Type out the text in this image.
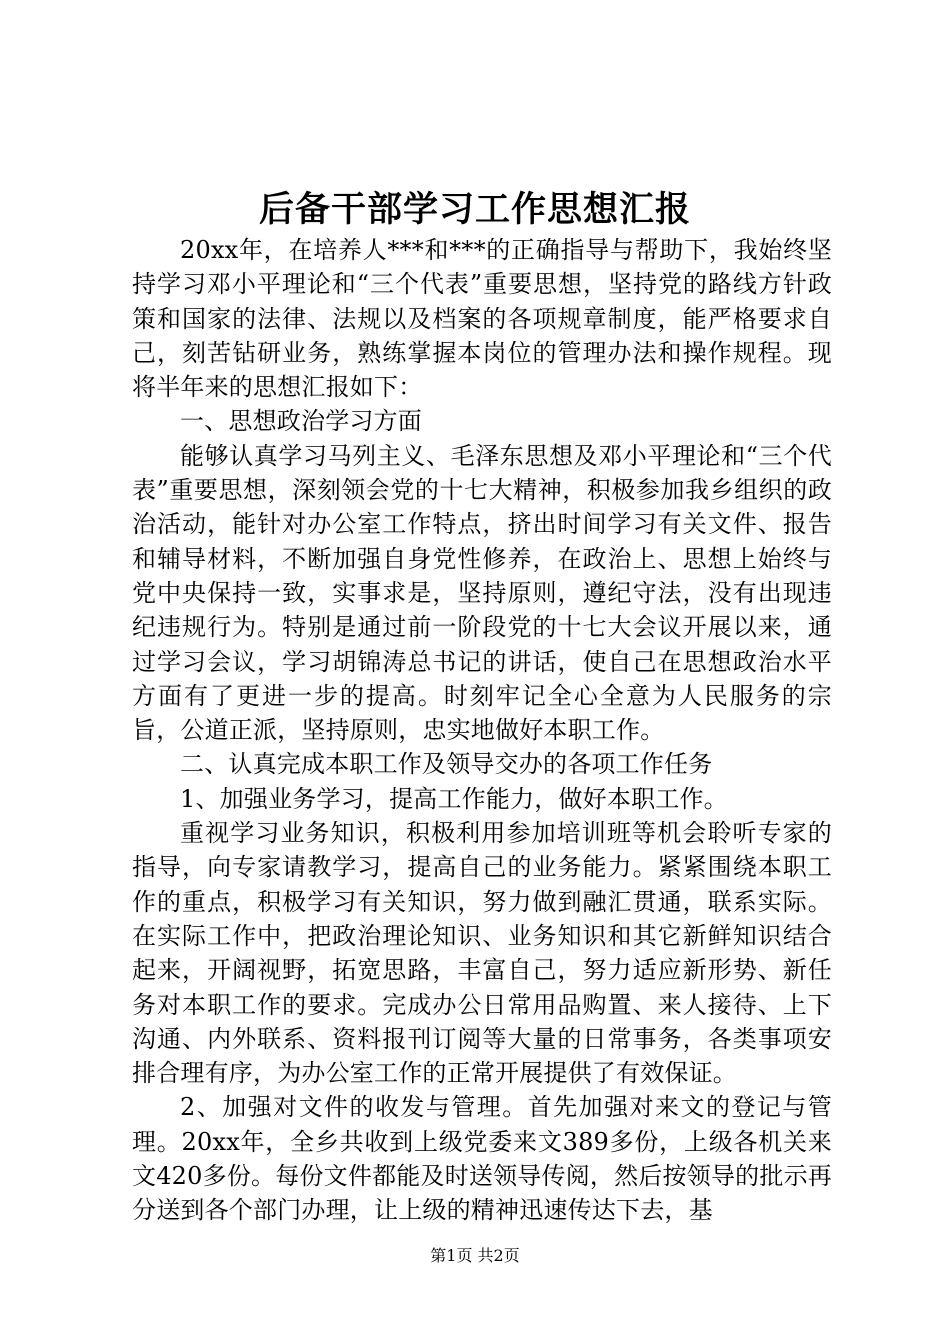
后备干部学习工作思想汇报

20xx年，在培养人***和***的正确指导与帮助下，我始终坚持学习邓小平理论和“三个代表”重要思想，坚持党的路线方针政策和国家的法律、法规以及档案的各项规章制度，能严格要求自己，刻苦钻研业务，熟练掌握本岗位的管理办法和操作规程。现将半年来的思想汇报如下：

一、思想政治学习方面

能够认真学习马列主义、毛泽东思想及邓小平理论和“三个代表”重要思想，深刻领会党的十七大精神，积极参加我乡组织的政治活动，能针对办公室工作特点，挤出时间学习有关文件、报告和辅导材料，不断加强自身党性修养，在政治上、思想上始终与党中央保持一致，实事求是，坚持原则，遵纪守法，没有出现违纪违规行为。特别是通过前一阶段党的十七大会议开展以来，通过学习会议，学习胡锦涛总书记的讲话，使自己在思想政治水平方面有了更进一步的提高。时刻牢记全心全意为人民服务的宗旨，公道正派，坚持原则，忠实地做好本职工作。

二、认真完成本职工作及领导交办的各项工作任务

1、加强业务学习，提高工作能力，做好本职工作。

重视学习业务知识，积极利用参加培训班等机会聆听专家的指导，向专家请教学习，提高自己的业务能力。紧紧围绕本职工作的重点，积极学习有关知识，努力做到融汇贯通，联系实际。在实际工作中，把政治理论知识、业务知识和其它新鲜知识结合起来，开阔视野，拓宽思路，丰富自己，努力适应新形势、新任务对本职工作的要求。完成办公日常用品购置、来人接待、上下沟通、内外联系、资料报刊订阅等大量的日常事务，各类事项安排合理有序，为办公室工作的正常开展提供了有效保证。

2、加强对文件的收发与管理。首先加强对来文的登记与管理。20xx年，全乡共收到上级党委来文389多份，上级各机关来文420多份。每份文件都能及时送领导传阅，然后按领导的批示再分送到各个部门办理，让上级的精神迅速传达下去，基

第1页 共2页
